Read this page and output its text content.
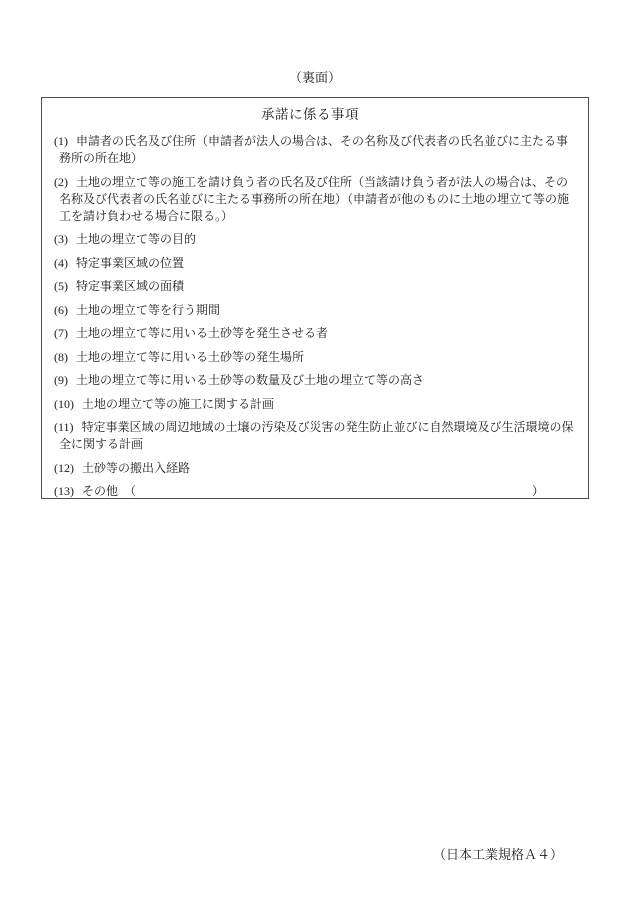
（裏面）
承諾に係る事項
(1) 申請者の氏名及び住所（申請者が法人の場合は、その名称及び代表者の氏名並びに主たる事務所の所在地）
(2) 土地の埋立て等の施工を請け負う者の氏名及び住所（当該請け負う者が法人の場合は、その名称及び代表者の氏名並びに主たる事務所の所在地）（申請者が他のものに土地の埋立て等の施工を請け負わせる場合に限る。）
(3) 土地の埋立て等の目的
(4) 特定事業区域の位置
(5) 特定事業区域の面積
(6) 土地の埋立て等を行う期間
(7) 土地の埋立て等に用いる土砂等を発生させる者
(8) 土地の埋立て等に用いる土砂等の発生場所
(9) 土地の埋立て等に用いる土砂等の数量及び土地の埋立て等の高さ
(10) 土地の埋立て等の施工に関する計画
(11) 特定事業区域の周辺地域の土壌の汚染及び災害の発生防止並びに自然環境及び生活環境の保全に関する計画
(12) 土砂等の搬出入経路
）
(13) その他　（
（日本工業規格Ａ４）
